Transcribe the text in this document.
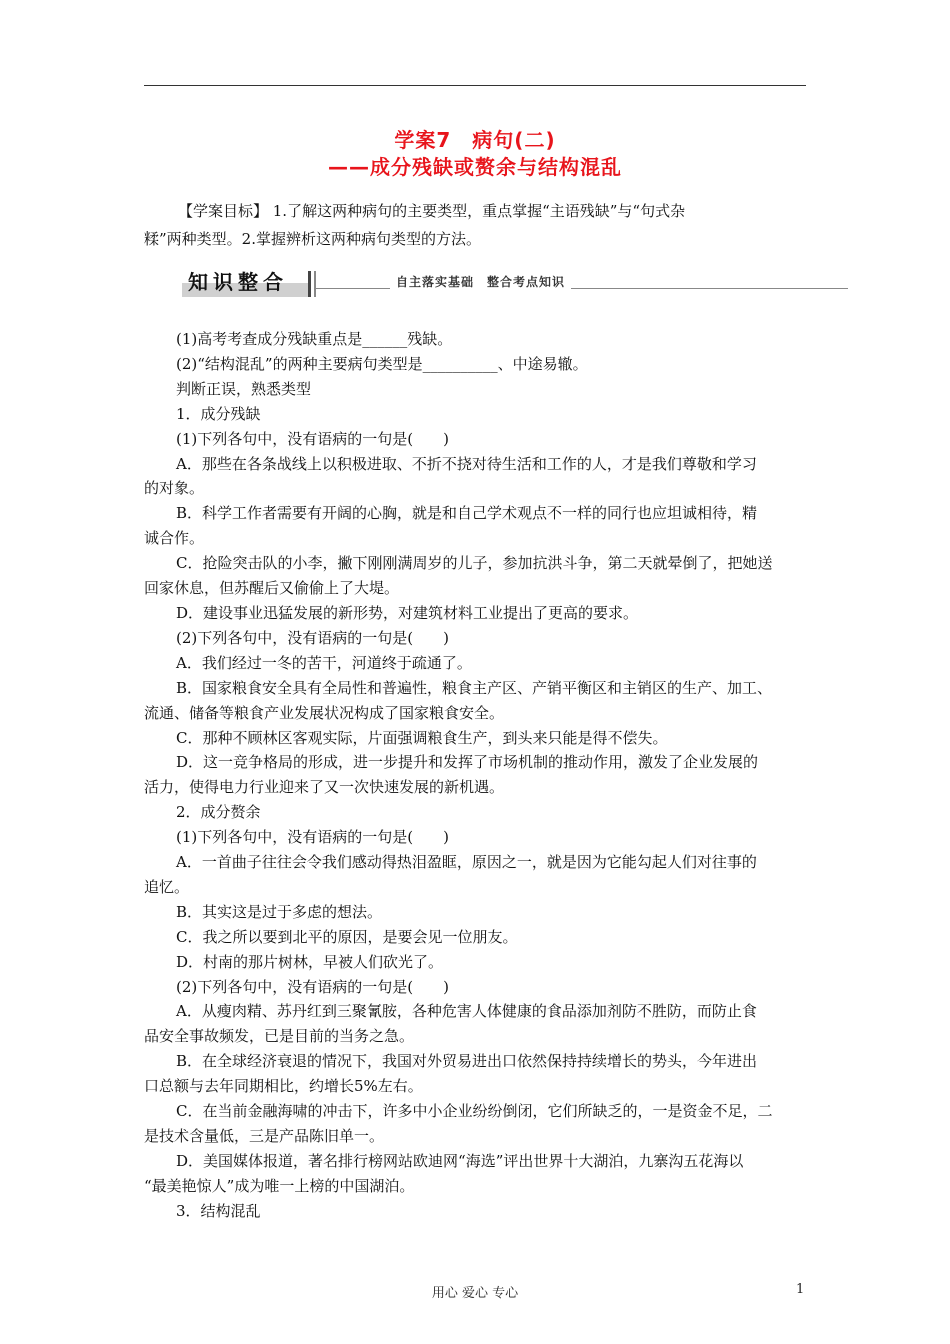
学案7　病句(二)
——成分残缺或赘余与结构混乱
【学案目标】 1.了解这两种病句的主要类型，重点掌握“主语残缺”与“句式杂
糅”两种类型。2.掌握辨析这两种病句类型的方法。
知识整合	自主落实基础　整合考点知识

(1)高考考查成分残缺重点是______残缺。

(2)“结构混乱”的两种主要病句类型是__________、中途易辙。

判断正误，熟悉类型

1．成分残缺

(1)下列各句中，没有语病的一句是(　　)

A．那些在各条战线上以积极进取、不折不挠对待生活和工作的人，才是我们尊敬和学习

的对象。

B．科学工作者需要有开阔的心胸，就是和自己学术观点不一样的同行也应坦诚相待，精

诚合作。

C．抢险突击队的小李，撇下刚刚满周岁的儿子，参加抗洪斗争，第二天就晕倒了，把她送

回家休息，但苏醒后又偷偷上了大堤。

D．建设事业迅猛发展的新形势，对建筑材料工业提出了更高的要求。

(2)下列各句中，没有语病的一句是(　　)

A．我们经过一冬的苦干，河道终于疏通了。

B．国家粮食安全具有全局性和普遍性，粮食主产区、产销平衡区和主销区的生产、加工、

流通、储备等粮食产业发展状况构成了国家粮食安全。

C．那种不顾林区客观实际，片面强调粮食生产，到头来只能是得不偿失。

D．这一竞争格局的形成，进一步提升和发挥了市场机制的推动作用，激发了企业发展的

活力，使得电力行业迎来了又一次快速发展的新机遇。

2．成分赘余

(1)下列各句中，没有语病的一句是(　　)

A．一首曲子往往会令我们感动得热泪盈眶，原因之一，就是因为它能勾起人们对往事的

追忆。

B．其实这是过于多虑的想法。

C．我之所以要到北平的原因，是要会见一位朋友。

D．村南的那片树林，早被人们砍光了。

(2)下列各句中，没有语病的一句是(　　)

A．从瘦肉精、苏丹红到三聚氰胺，各种危害人体健康的食品添加剂防不胜防，而防止食

品安全事故频发，已是目前的当务之急。

B．在全球经济衰退的情况下，我国对外贸易进出口依然保持持续增长的势头，今年进出

口总额与去年同期相比，约增长5%左右。

C．在当前金融海啸的冲击下，许多中小企业纷纷倒闭，它们所缺乏的，一是资金不足，二

是技术含量低，三是产品陈旧单一。

D．美国媒体报道，著名排行榜网站欧迪网“海选”评出世界十大湖泊，九寨沟五花海以

“最美艳惊人”成为唯一上榜的中国湖泊。

3．结构混乱

用心 爱心 专心	1
